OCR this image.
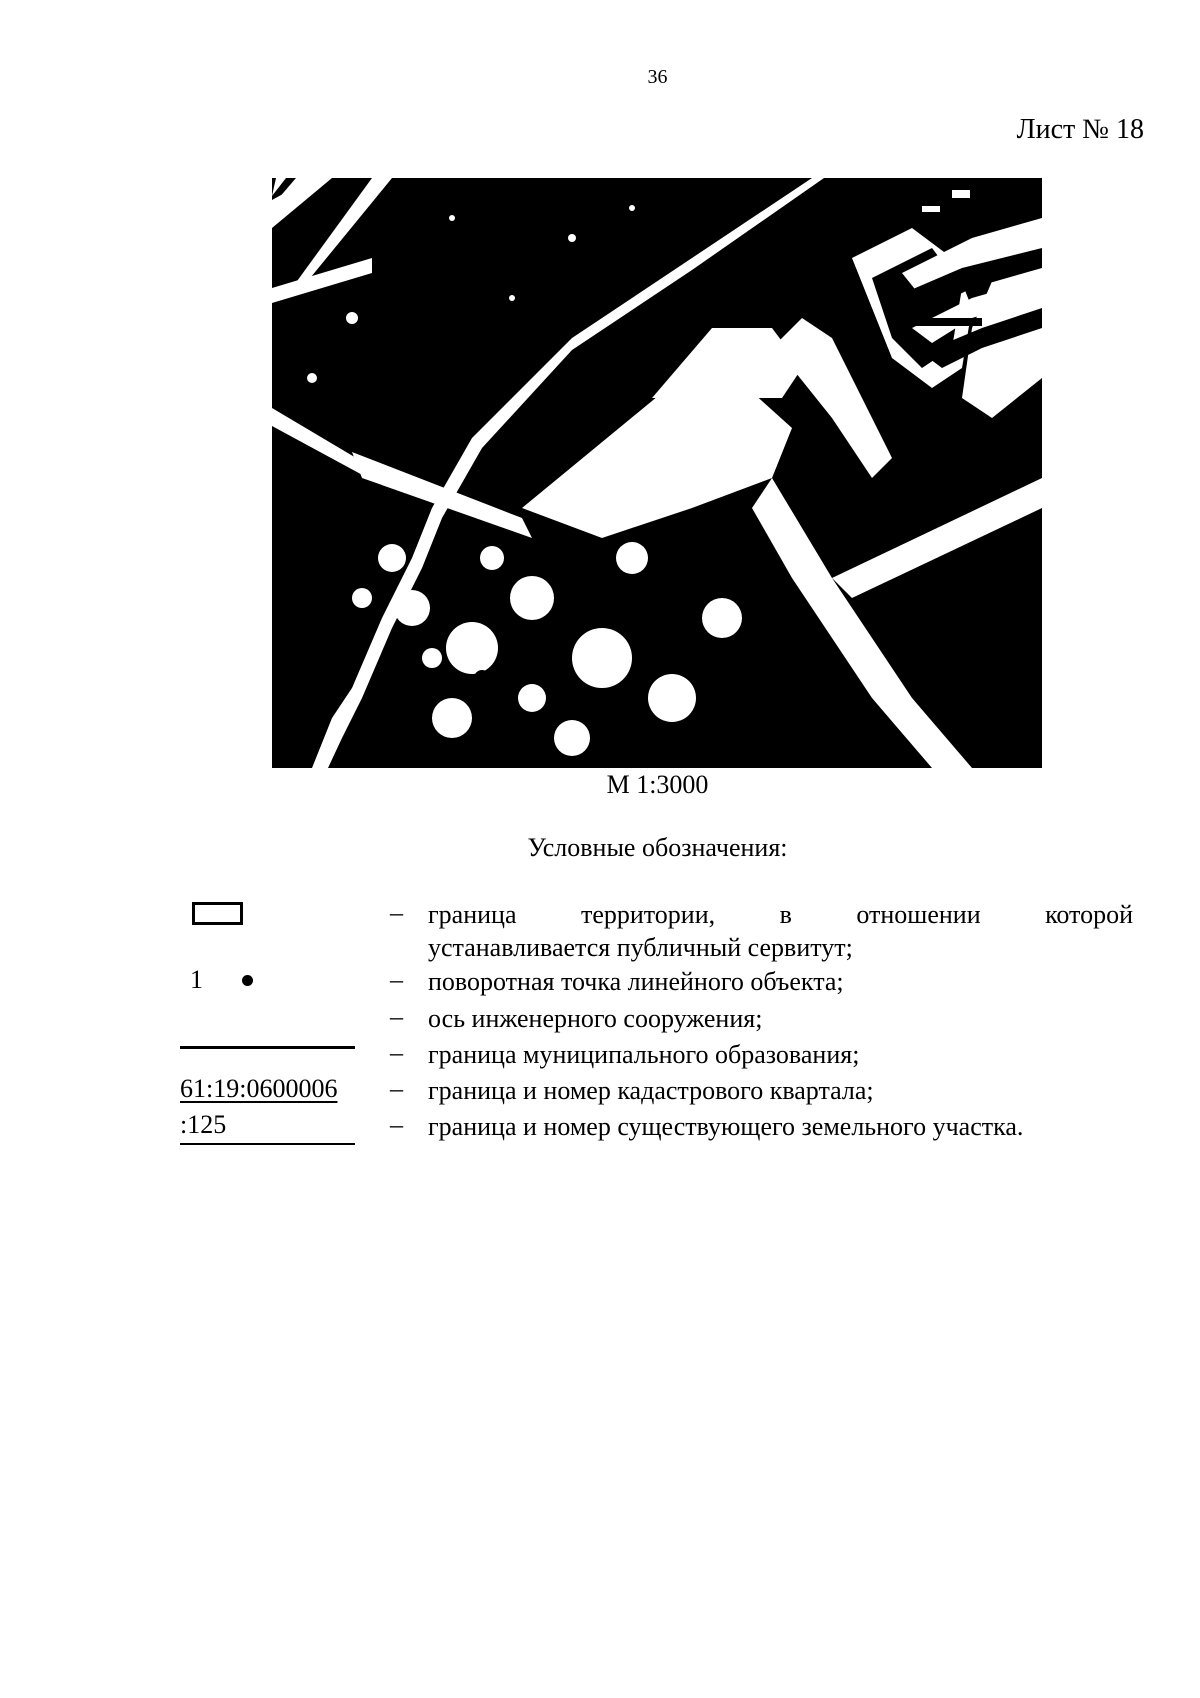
36
Лист № 18
М 1:3000
Условные обозначения:
– граница территории, в отношении которой
устанавливается публичный сервитут;
1	– поворотная точка линейного объекта;
– ось инженерного сооружения;
– граница муниципального образования;
61:19:0600006	– граница и номер кадастрового квартала;
:125	– граница и номер существующего земельного участка.
